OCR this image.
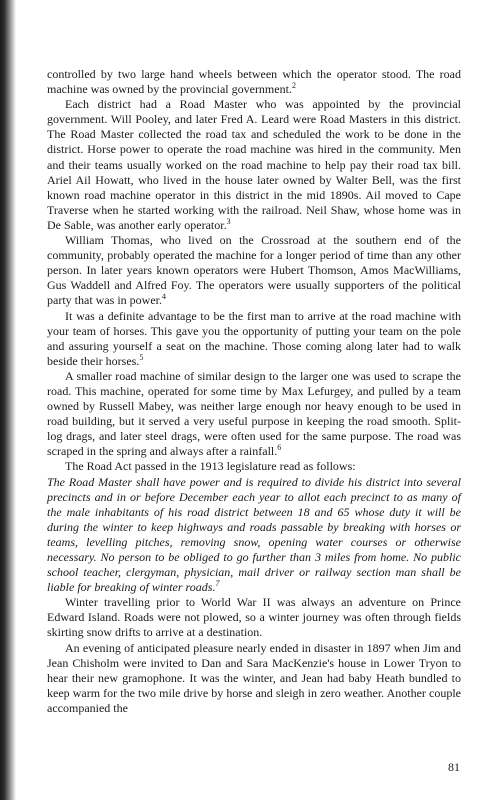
controlled by two large hand wheels between which the operator stood. The road machine was owned by the provincial government.$^2$

Each district had a Road Master who was appointed by the provincial government. Will Pooley, and later Fred A. Leard were Road Masters in this district. The Road Master collected the road tax and scheduled the work to be done in the district. Horse power to operate the road machine was hired in the community. Men and their teams usually worked on the road machine to help pay their road tax bill. Ariel Ail Howatt, who lived in the house later owned by Walter Bell, was the first known road machine operator in this district in the mid 1890s. Ail moved to Cape Traverse when he started working with the railroad. Neil Shaw, whose home was in De Sable, was another early operator.$^3$

William Thomas, who lived on the Crossroad at the southern end of the community, probably operated the machine for a longer period of time than any other person. In later years known operators were Hubert Thomson, Amos MacWilliams, Gus Waddell and Alfred Foy. The operators were usually supporters of the political party that was in power.$^4$

It was a definite advantage to be the first man to arrive at the road machine with your team of horses. This gave you the opportunity of putting your team on the pole and assuring yourself a seat on the machine. Those coming along later had to walk beside their horses.$^5$

A smaller road machine of similar design to the larger one was used to scrape the road. This machine, operated for some time by Max Lefurgey, and pulled by a team owned by Russell Mabey, was neither large enough nor heavy enough to be used in road building, but it served a very useful purpose in keeping the road smooth. Split-log drags, and later steel drags, were often used for the same purpose. The road was scraped in the spring and always after a rainfall.$^6$

The Road Act passed in the 1913 legislature read as follows:

The Road Master shall have power and is required to divide his district into several precincts and in or before December each year to allot each precinct to as many of the male inhabitants of his road district between 18 and 65 whose duty it will be during the winter to keep highways and roads passable by breaking with horses or teams, levelling pitches, removing snow, opening water courses or otherwise necessary. No person to be obliged to go further than 3 miles from home. No public school teacher, clergyman, physician, mail driver or railway section man shall be liable for breaking of winter roads.$^7$

Winter travelling prior to World War II was always an adventure on Prince Edward Island. Roads were not plowed, so a winter journey was often through fields skirting snow drifts to arrive at a destination.

An evening of anticipated pleasure nearly ended in disaster in 1897 when Jim and Jean Chisholm were invited to Dan and Sara MacKenzie's house in Lower Tryon to hear their new gramophone. It was the winter, and Jean had baby Heath bundled to keep warm for the two mile drive by horse and sleigh in zero weather. Another couple accompanied the

81
